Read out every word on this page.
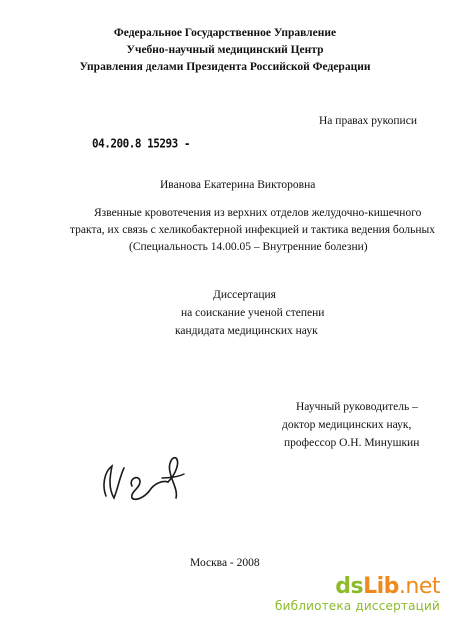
Федеральное Государственное Управление
Учебно-научный медицинский Центр
Управления делами Президента Российской Федерации
На правах рукописи
04.200.8 15293 -
Иванова Екатерина Викторовна
Язвенные кровотечения из верхних отделов желудочно-кишечного
тракта, их связь с хеликобактерной инфекцией и тактика ведения больных
(Специальность 14.00.05 – Внутренние болезни)
Диссертация
на соискание ученой степени
кандидата медицинских наук
Научный руководитель –
доктор медицинских наук,
профессор О.Н. Минушкин
Москва - 2008
dsLib.net
библиотека диссертаций
